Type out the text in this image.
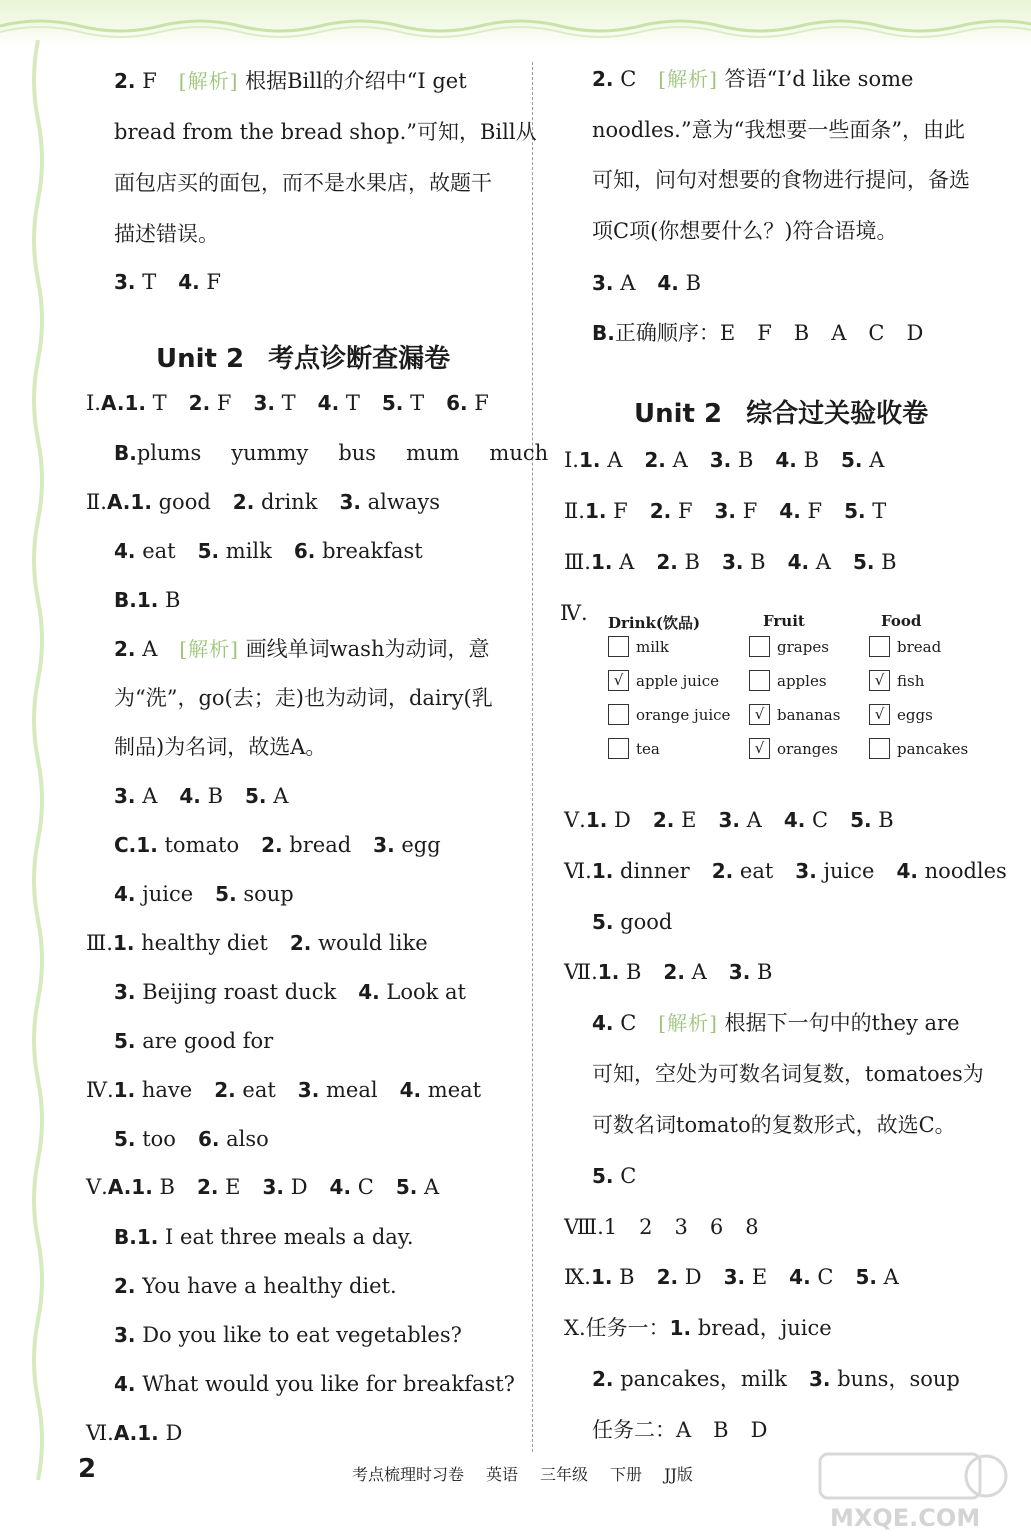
2. F [解析] 根据Bill的介绍中“I get
bread from the bread shop.”可知，Bill从
面包店买的面包，而不是水果店，故题干
描述错误。
3. T 4. F
Unit 2 考点诊断查漏卷
Ⅰ.A.1. T 2. F 3. T 4. T 5. T 6. F
B.plums yummy bus mum much
Ⅱ.A.1. good 2. drink 3. always
4. eat 5. milk 6. breakfast
B.1. B
2. A [解析] 画线单词wash为动词，意
为“洗”，go(去；走)也为动词，dairy(乳
制品)为名词，故选A。
3. A 4. B 5. A
C.1. tomato 2. bread 3. egg
4. juice 5. soup
Ⅲ.1. healthy diet 2. would like
3. Beijing roast duck 4. Look at
5. are good for
Ⅳ.1. have 2. eat 3. meal 4. meat
5. too 6. also
Ⅴ.A.1. B 2. E 3. D 4. C 5. A
B.1. I eat three meals a day.
2. You have a healthy diet.
3. Do you like to eat vegetables?
4. What would you like for breakfast?
Ⅵ.A.1. D
2. C [解析] 答语“I’d like some
noodles.”意为“我想要一些面条”，由此
可知，问句对想要的食物进行提问，备选
项C项(你想要什么？)符合语境。
3. A 4. B
B.正确顺序：E F B A C D
Unit 2 综合过关验收卷
Ⅰ.1. A 2. A 3. B 4. B 5. A
Ⅱ.1. F 2. F 3. F 4. F 5. T
Ⅲ.1. A 2. B 3. B 4. A 5. B
Ⅳ.
Ⅴ.1. D 2. E 3. A 4. C 5. B
Ⅵ.1. dinner 2. eat 3. juice 4. noodles
5. good
Ⅶ.1. B 2. A 3. B
4. C [解析] 根据下一句中的they are
可知，空处为可数名词复数，tomatoes为
可数名词tomato的复数形式，故选C。
5. C
Ⅷ.1 2 3 6 8
Ⅸ.1. B 2. D 3. E 4. C 5. A
Ⅹ.任务一：1. bread，juice
2. pancakes，milk 3. buns，soup
任务二：A B D
Drink(饮品)
milk
√ apple juice
orange juice
tea
Fruit
grapes
apples
√ bananas
√ oranges
Food
bread
√ fish
√ eggs
pancakes
2	考点梳理时习卷 英语 三年级 下册 JJ版
MXQE.COM
